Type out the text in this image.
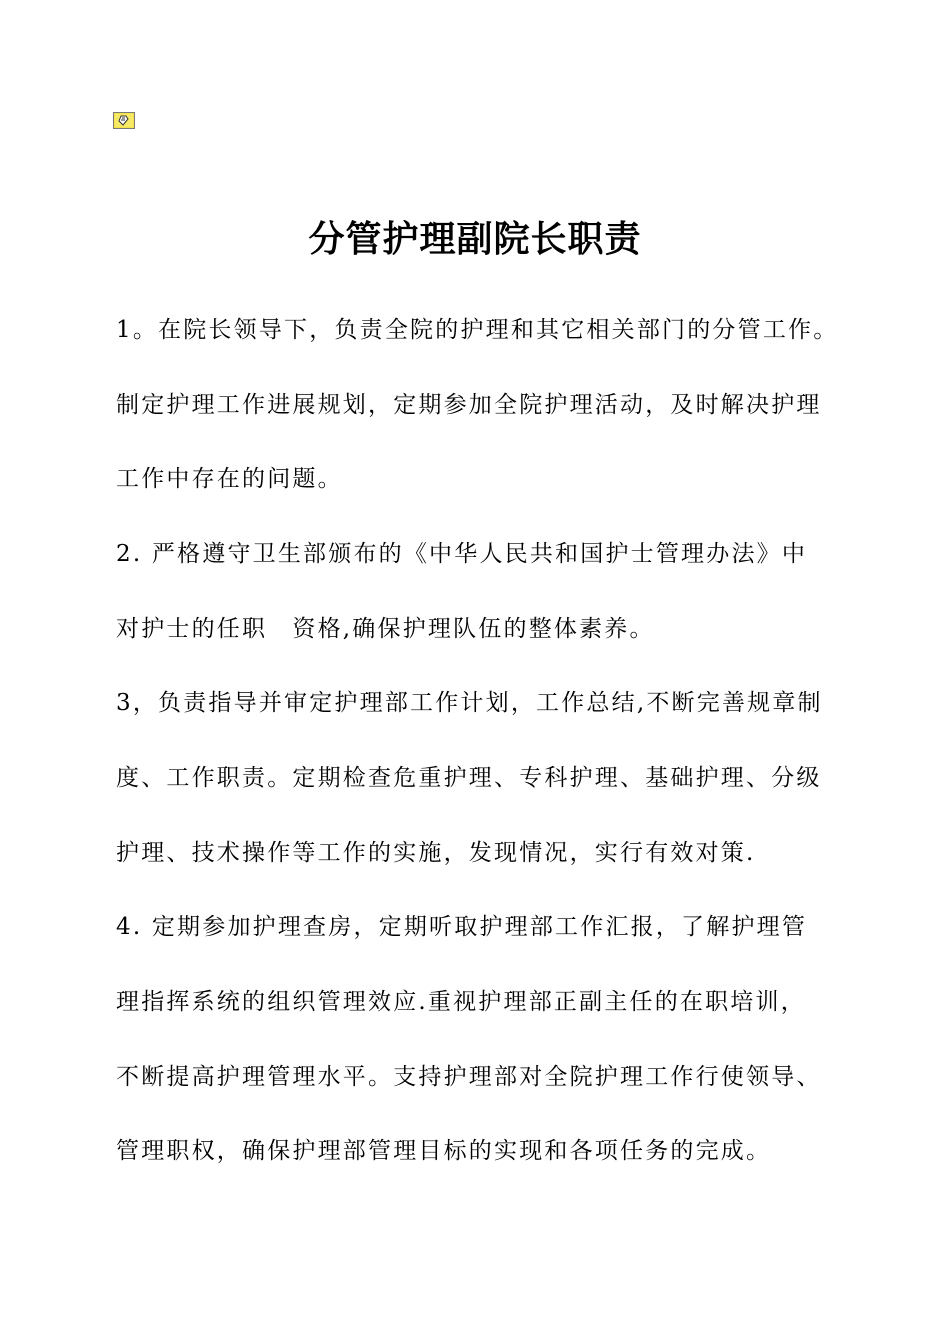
分管护理副院长职责

1。在院长领导下，负责全院的护理和其它相关部门的分管工作。

制定护理工作进展规划，定期参加全院护理活动，及时解决护理

工作中存在的问题。

2. 严格遵守卫生部颁布的《中华人民共和国护士管理办法》中

对护士的任职　资格,确保护理队伍的整体素养。

3，负责指导并审定护理部工作计划，工作总结,不断完善规章制

度、工作职责。定期检查危重护理、专科护理、基础护理、分级

护理、技术操作等工作的实施，发现情况，实行有效对策.

4. 定期参加护理查房，定期听取护理部工作汇报，了解护理管

理指挥系统的组织管理效应.重视护理部正副主任的在职培训，

不断提高护理管理水平。支持护理部对全院护理工作行使领导、

管理职权，确保护理部管理目标的实现和各项任务的完成。
